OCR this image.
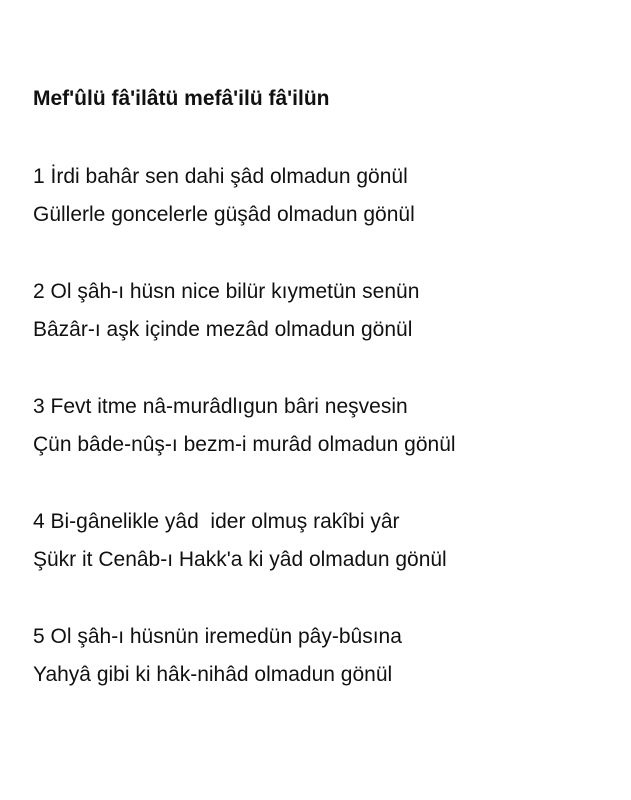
Mef'ûlü fâ'ilâtü mefâ'ilü fâ'ilün

1 İrdi bahâr sen dahi şâd olmadun gönül
Güllerle goncelerle güşâd olmadun gönül
2 Ol şâh-ı hüsn nice bilür kıymetün senün
Bâzâr-ı aşk içinde mezâd olmadun gönül
3 Fevt itme nâ-murâdlıgun bâri neşvesin
Çün bâde-nûş-ı bezm-i murâd olmadun gönül
4 Bi-gânelikle yâd  ider olmuş rakîbi yâr
Şükr it Cenâb-ı Hakk'a ki yâd olmadun gönül
5 Ol şâh-ı hüsnün iremedün pây-bûsına
Yahyâ gibi ki hâk-nihâd olmadun gönül
